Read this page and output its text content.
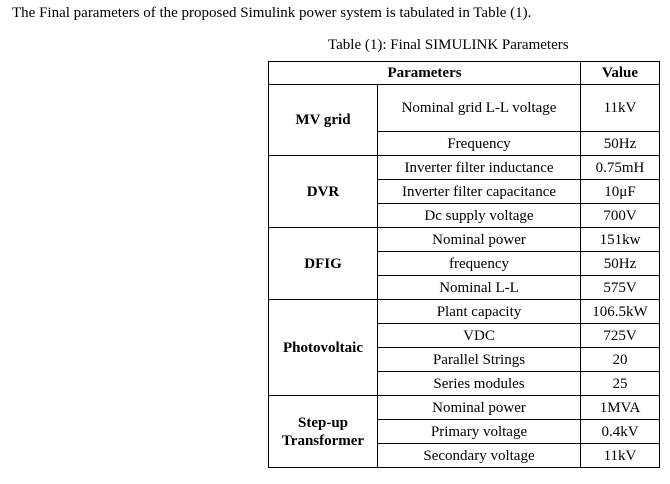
The Final parameters of the proposed Simulink power system is tabulated in Table (1).
Table (1): Final SIMULINK Parameters
Parameters		Value
MV grid	Nominal grid L-L voltage	11kV
	Frequency	50Hz
DVR	Inverter filter inductance	0.75mH
	Inverter filter capacitance	10μF
	Dc supply voltage	700V
DFIG	Nominal power	151kw
	frequency	50Hz
	Nominal L-L	575V
Photovoltaic	Plant capacity	106.5kW
	VDC	725V
	Parallel Strings	20
	Series modules	25
Step-up Transformer	Nominal power	1MVA
	Primary voltage	0.4kV
	Secondary voltage	11kV
